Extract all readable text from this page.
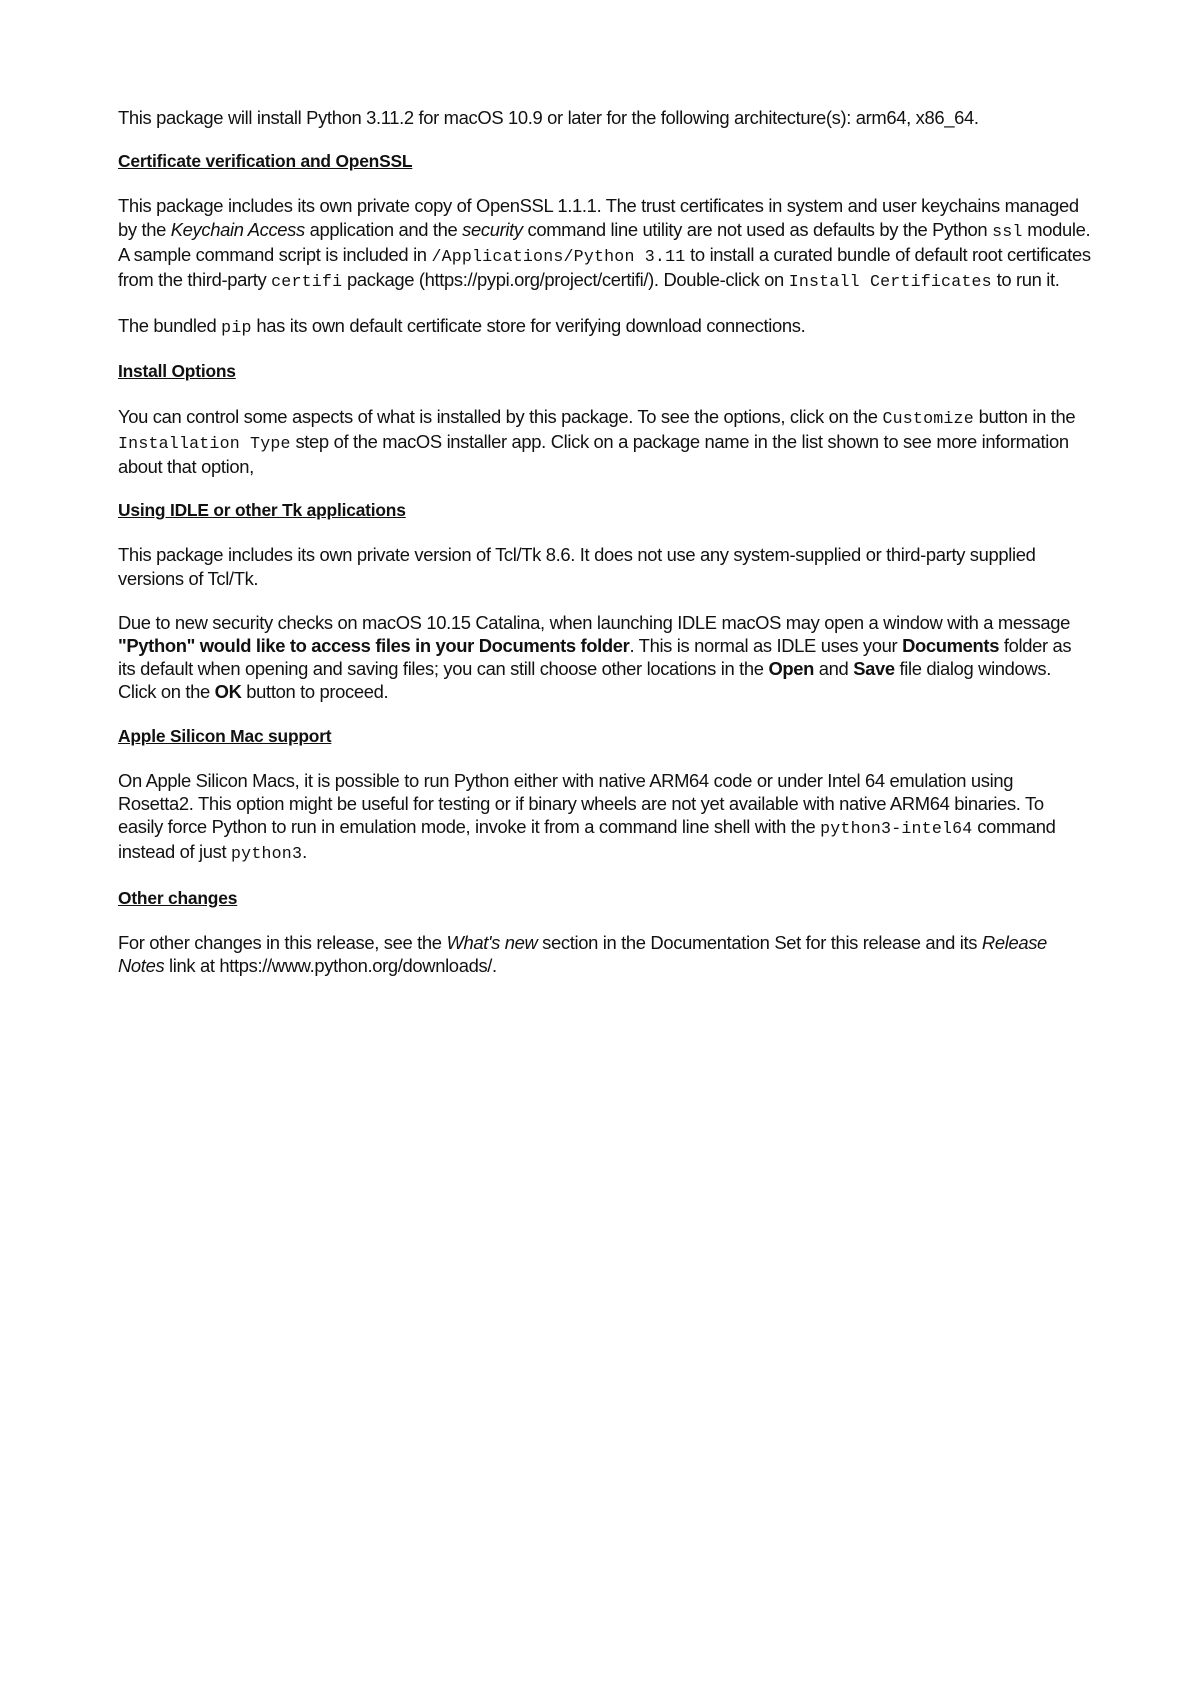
This package will install Python 3.11.2 for macOS 10.9 or later for the following architecture(s): arm64, x86_64.

Certificate verification and OpenSSL

This package includes its own private copy of OpenSSL 1.1.1. The trust certificates in system and user keychains managed by the Keychain Access application and the security command line utility are not used as defaults by the Python ssl module. A sample command script is included in /Applications/Python 3.11 to install a curated bundle of default root certificates from the third-party certifi package (https://pypi.org/project/certifi/). Double-click on Install Certificates to run it.

The bundled pip has its own default certificate store for verifying download connections.

Install Options

You can control some aspects of what is installed by this package. To see the options, click on the Customize button in the Installation Type step of the macOS installer app. Click on a package name in the list shown to see more information about that option,

Using IDLE or other Tk applications

This package includes its own private version of Tcl/Tk 8.6. It does not use any system-supplied or third-party supplied versions of Tcl/Tk.

Due to new security checks on macOS 10.15 Catalina, when launching IDLE macOS may open a window with a message "Python" would like to access files in your Documents folder. This is normal as IDLE uses your Documents folder as its default when opening and saving files; you can still choose other locations in the Open and Save file dialog windows. Click on the OK button to proceed.

Apple Silicon Mac support

On Apple Silicon Macs, it is possible to run Python either with native ARM64 code or under Intel 64 emulation using Rosetta2. This option might be useful for testing or if binary wheels are not yet available with native ARM64 binaries. To easily force Python to run in emulation mode, invoke it from a command line shell with the python3-intel64 command instead of just python3.

Other changes

For other changes in this release, see the What's new section in the Documentation Set for this release and its Release Notes link at https://www.python.org/downloads/.
